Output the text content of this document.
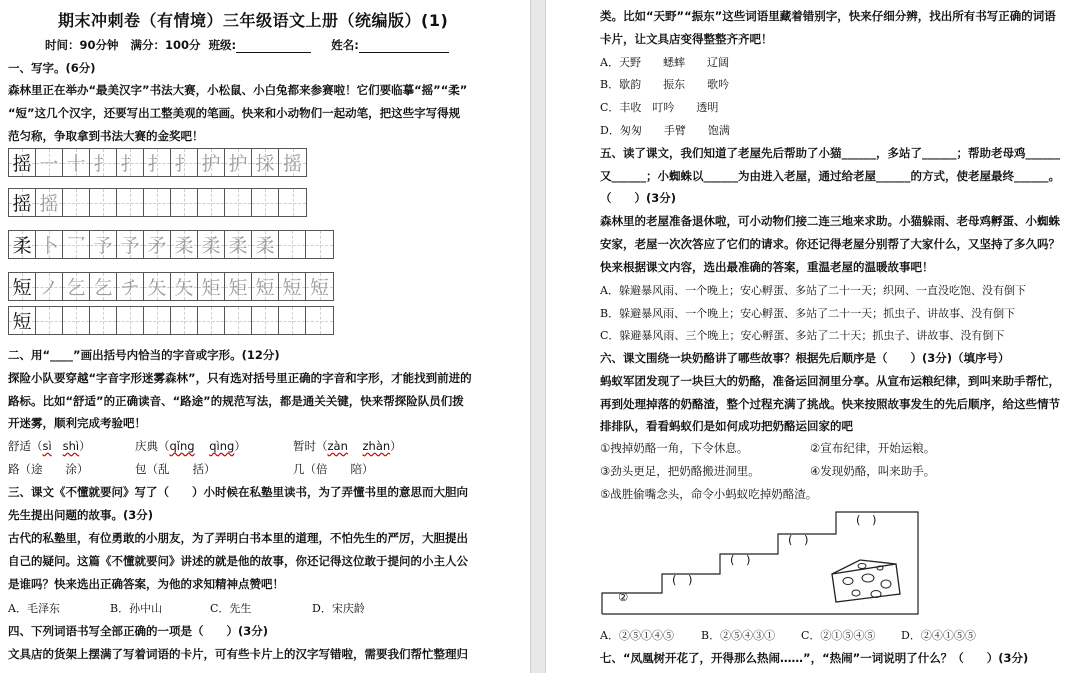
期末冲刺卷（有情境）三年级语文上册（统编版）(1)
时间：90分钟 满分：100分 班级:	姓名:
一、写字。(6分)
森林里正在举办“最美汉字”书法大赛，小松鼠、小白兔都来参赛啦！它们要临摹“摇”“柔”
“短”这几个汉字，还要写出工整美观的笔画。快来和小动物们一起动笔，把这些字写得规
范匀称，争取拿到书法大赛的金奖吧！
摇 一 十 扌 扌 扌 扌 护 护 採 摇
摇 摇
柔 卜 乛 予 予 矛 柔 柔 柔 柔
短 ノ 乞 乞 チ 矢 矢 矩 矩 短 短 短
短
二、用“____”画出括号内恰当的字音或字形。(12分)
探险小队要穿越“字音字形迷雾森林”，只有选对括号里正确的字音和字形，才能找到前进的
路标。比如“舒适”的正确读音、“路途”的规范写法，都是通关关键，快来帮探险队员们拨
开迷雾，顺利完成考验吧！
舒适（sì shì）	庆典（qǐng qìng）	暂时（zàn zhàn）
路（途　　涂）	包（乱　　括）	几（倍　　陪）
三、课文《不懂就要问》写了（　　）小时候在私塾里读书，为了弄懂书里的意思而大胆向
先生提出问题的故事。(3分)
古代的私塾里，有位勇敢的小朋友，为了弄明白书本里的道理，不怕先生的严厉，大胆提出
自己的疑问。这篇《不懂就要问》讲述的就是他的故事，你还记得这位敢于提问的小主人公
是谁吗？快来选出正确答案，为他的求知精神点赞吧！
A．毛泽东	B．孙中山	C．先生	D．宋庆龄
四、下列词语书写全部正确的一项是（　　）(3分)
文具店的货架上摆满了写着词语的卡片，可有些卡片上的汉字写错啦，需要我们帮忙整理归
类。比如“天野”“振东”这些词语里藏着错别字，快来仔细分辨，找出所有书写正确的词语
卡片，让文具店变得整整齐齐吧！
A．天野　　蟋蟀　　辽阔
B．歇韵　　振东　　歌吟
C．丰收　叮吟　　透明
D．匆匆　　手臂　　饱满
五、读了课文，我们知道了老屋先后帮助了小猫______，多站了______；帮助老母鸡______
又______；小蜘蛛以______为由进入老屋，通过给老屋______的方式，使老屋最终______。
（　　）(3分)
森林里的老屋准备退休啦，可小动物们接二连三地来求助。小猫躲雨、老母鸡孵蛋、小蜘蛛
安家，老屋一次次答应了它们的请求。你还记得老屋分别帮了大家什么，又坚持了多久吗？
快来根据课文内容，选出最准确的答案，重温老屋的温暖故事吧！
A．躲避暴风雨、一个晚上；安心孵蛋、多站了二十一天；织网、一直没吃饱、没有倒下
B．躲避暴风雨、一个晚上；安心孵蛋、多站了二十一天；抓虫子、讲故事、没有倒下
C．躲避暴风雨、三个晚上；安心孵蛋、多站了二十天；抓虫子、讲故事、没有倒下
六、课文围绕一块奶酪讲了哪些故事？根据先后顺序是（　　）(3分)（填序号）
蚂蚁军团发现了一块巨大的奶酪，准备运回洞里分享。从宣布运粮纪律，到叫来助手帮忙，
再到处理掉落的奶酪渣，整个过程充满了挑战。快来按照故事发生的先后顺序，给这些情节
排排队，看看蚂蚁们是如何成功把奶酪运回家的吧
①拽掉奶酪一角，下令休息。	②宣布纪律，开始运粮。
③劲头更足，把奶酪搬进洞里。	④发现奶酪，叫来助手。
⑤战胜偷嘴念头，命令小蚂蚁吃掉奶酪渣。
②
(　)
(　)
(　)
(　)
A．②⑤①④⑤ B．②⑤④③① C．②①⑤④⑤ D．②④①⑤⑤
七、“凤凰树开花了，开得那么热闹……”，“热闹”一词说明了什么？（　　）(3分)
